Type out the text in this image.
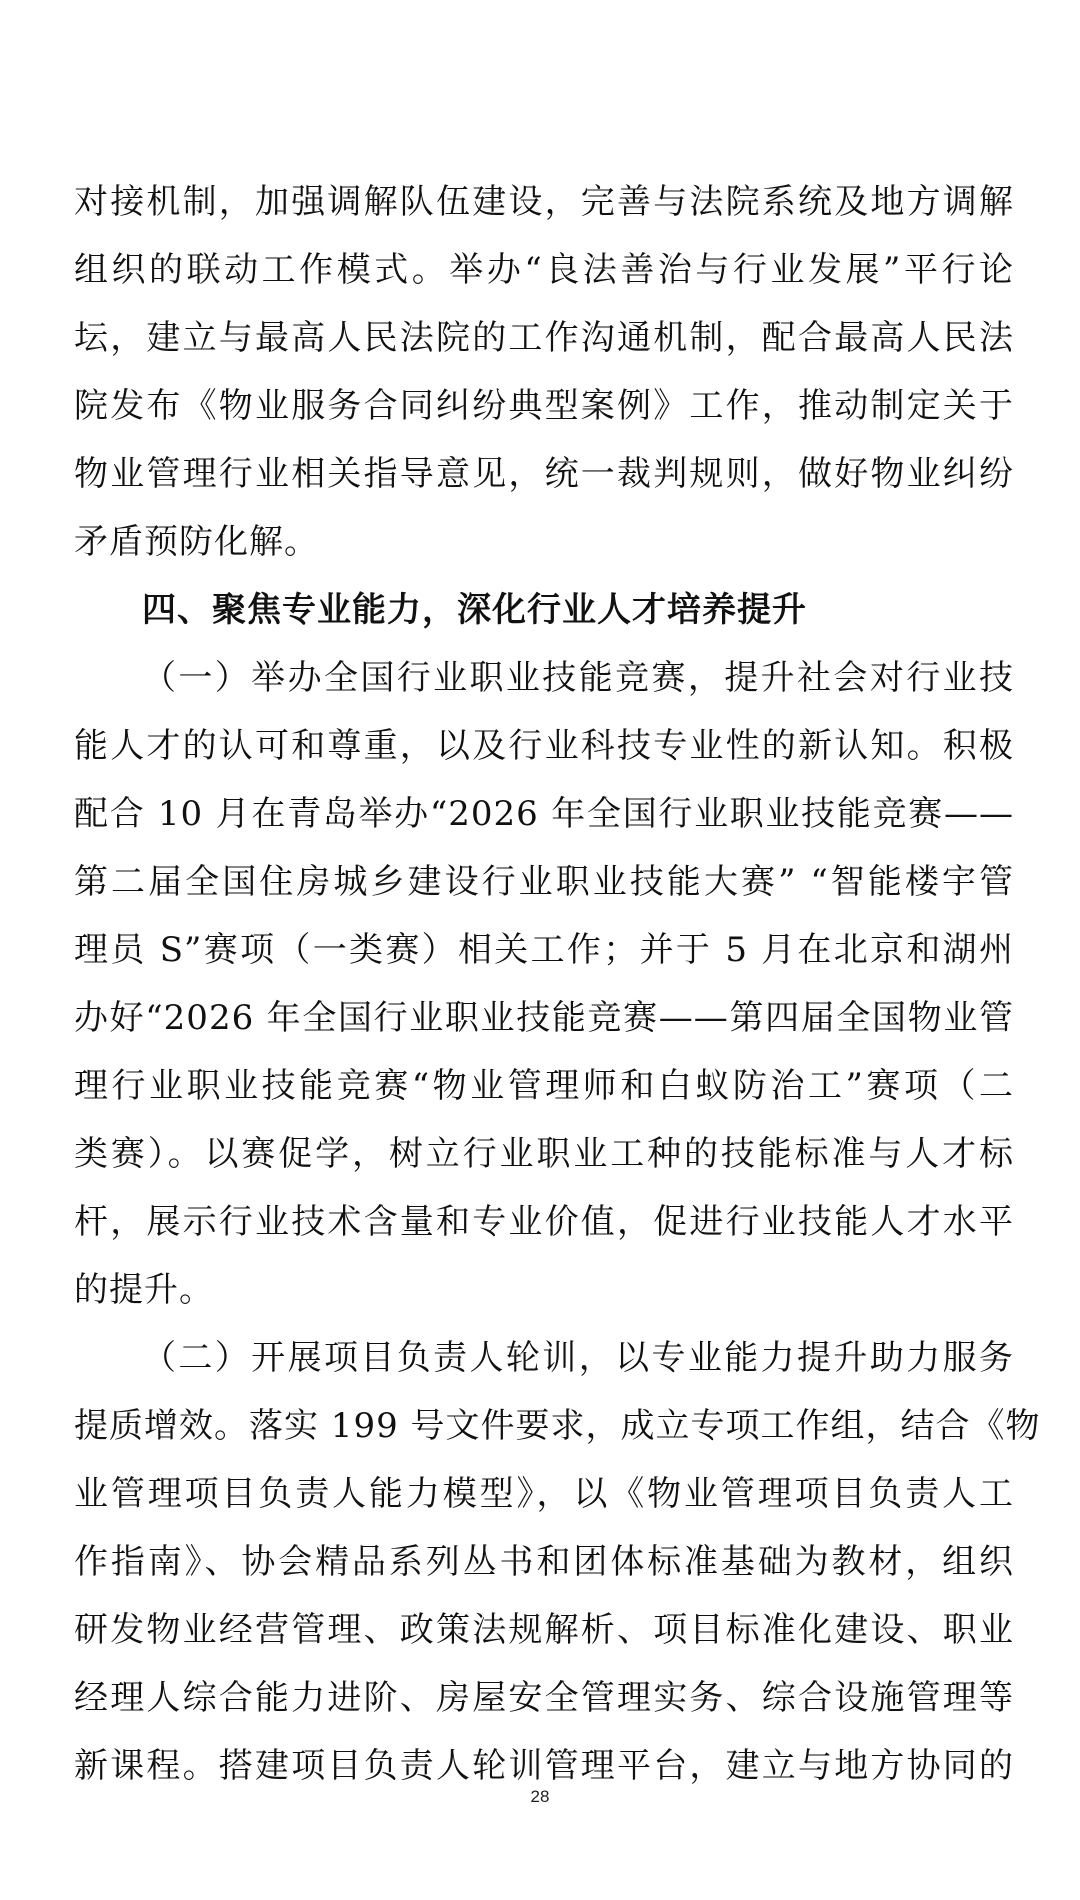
对接机制，加强调解队伍建设，完善与法院系统及地方调解
组织的联动工作模式。举办“良法善治与行业发展”平行论
坛，建立与最高人民法院的工作沟通机制，配合最高人民法
院发布《物业服务合同纠纷典型案例》工作，推动制定关于
物业管理行业相关指导意见，统一裁判规则，做好物业纠纷
矛盾预防化解。
四、聚焦专业能力，深化行业人才培养提升
（一）举办全国行业职业技能竞赛，提升社会对行业技
能人才的认可和尊重，以及行业科技专业性的新认知。积极
配合 10 月在青岛举办“2026 年全国行业职业技能竞赛——
第二届全国住房城乡建设行业职业技能大赛” “智能楼宇管
理员 S”赛项（一类赛）相关工作；并于 5 月在北京和湖州
办好“2026 年全国行业职业技能竞赛——第四届全国物业管
理行业职业技能竞赛“物业管理师和白蚁防治工”赛项（二
类赛）。以赛促学，树立行业职业工种的技能标准与人才标
杆，展示行业技术含量和专业价值，促进行业技能人才水平
的提升。
（二）开展项目负责人轮训，以专业能力提升助力服务
提质增效。落实 199 号文件要求，成立专项工作组，结合《物
业管理项目负责人能力模型》，以《物业管理项目负责人工
作指南》、协会精品系列丛书和团体标准基础为教材，组织
研发物业经营管理、政策法规解析、项目标准化建设、职业
经理人综合能力进阶、房屋安全管理实务、综合设施管理等
新课程。搭建项目负责人轮训管理平台，建立与地方协同的
28
